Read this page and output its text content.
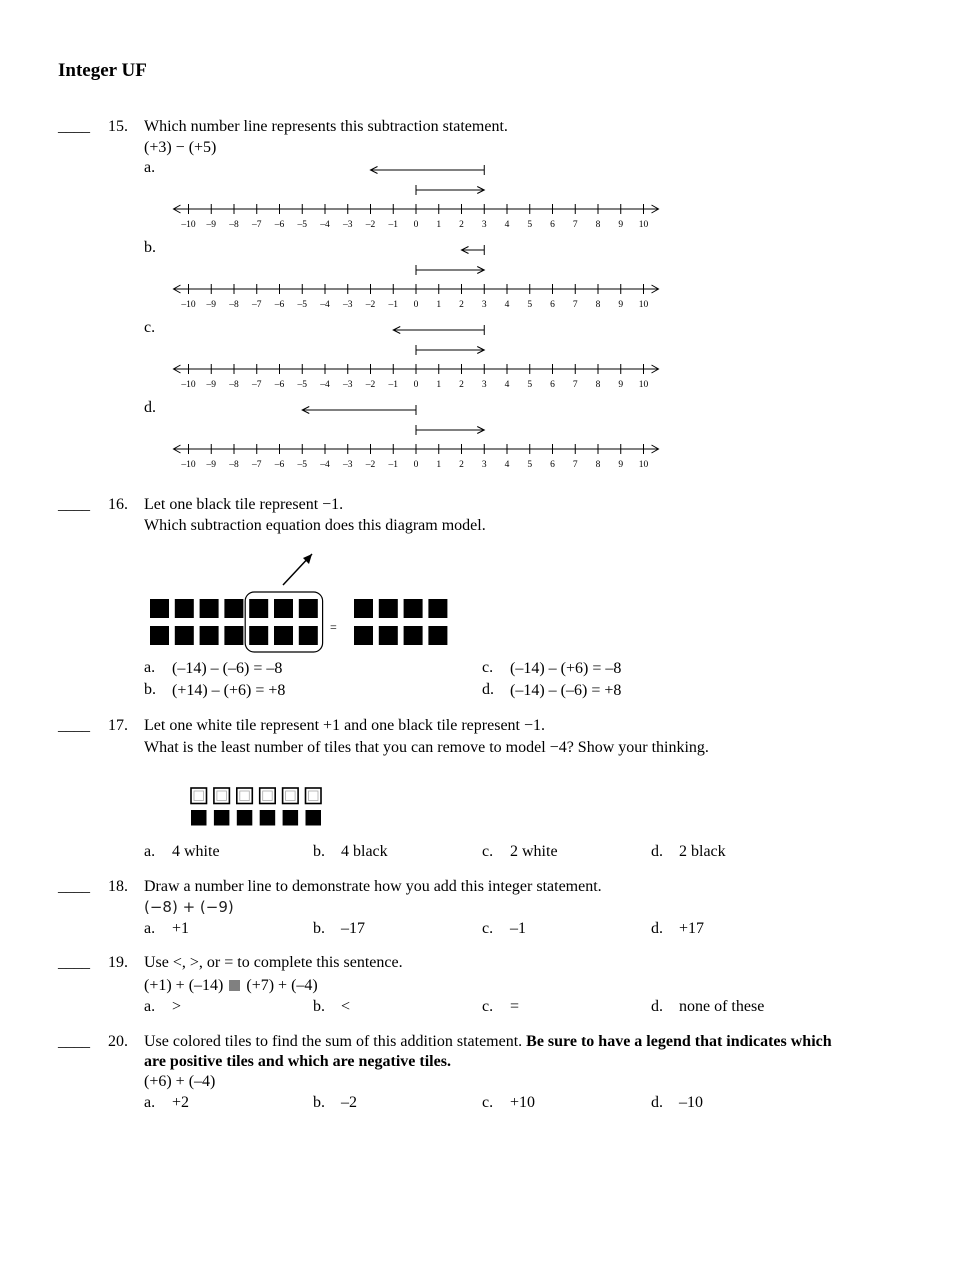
Integer UF
____ 15. Which number line represents this subtraction statement.
(+3) − (+5)
a.
b.
c.
d.
–10 –9 –8 –7 –6 –5 –4 –3 –2 –1 0 1 2 3 4 5 6 7 8 9 10
–10 –9 –8 –7 –6 –5 –4 –3 –2 –1 0 1 2 3 4 5 6 7 8 9 10
–10 –9 –8 –7 –6 –5 –4 –3 –2 –1 0 1 2 3 4 5 6 7 8 9 10
–10 –9 –8 –7 –6 –5 –4 –3 –2 –1 0 1 2 3 4 5 6 7 8 9 10
____ 16. Let one black tile represent −1.
Which subtraction equation does this diagram model.
=
a. (–14) – (–6) = –8
b. (+14) – (+6) = +8
c. (–14) – (+6) = –8
d. (–14) – (–6) = +8
____ 17. Let one white tile represent +1 and one black tile represent −1.
What is the least number of tiles that you can remove to model −4? Show your thinking.
a. 4 white	b. 4 black	c. 2 white	d. 2 black
____ 18. Draw a number line to demonstrate how you add this integer statement.
(−8) + (−9)
a. +1	b. –17	c. –1	d. +17
____ 19. Use <, >, or = to complete this sentence.
(+1) + (–14) (+7) + (–4)
a. >	b. <	c. =	d. none of these
____ 20. Use colored tiles to find the sum of this addition statement. Be sure to have a legend that indicates which
are positive tiles and which are negative tiles.
(+6) + (–4)
a. +2	b. –2	c. +10	d. –10
